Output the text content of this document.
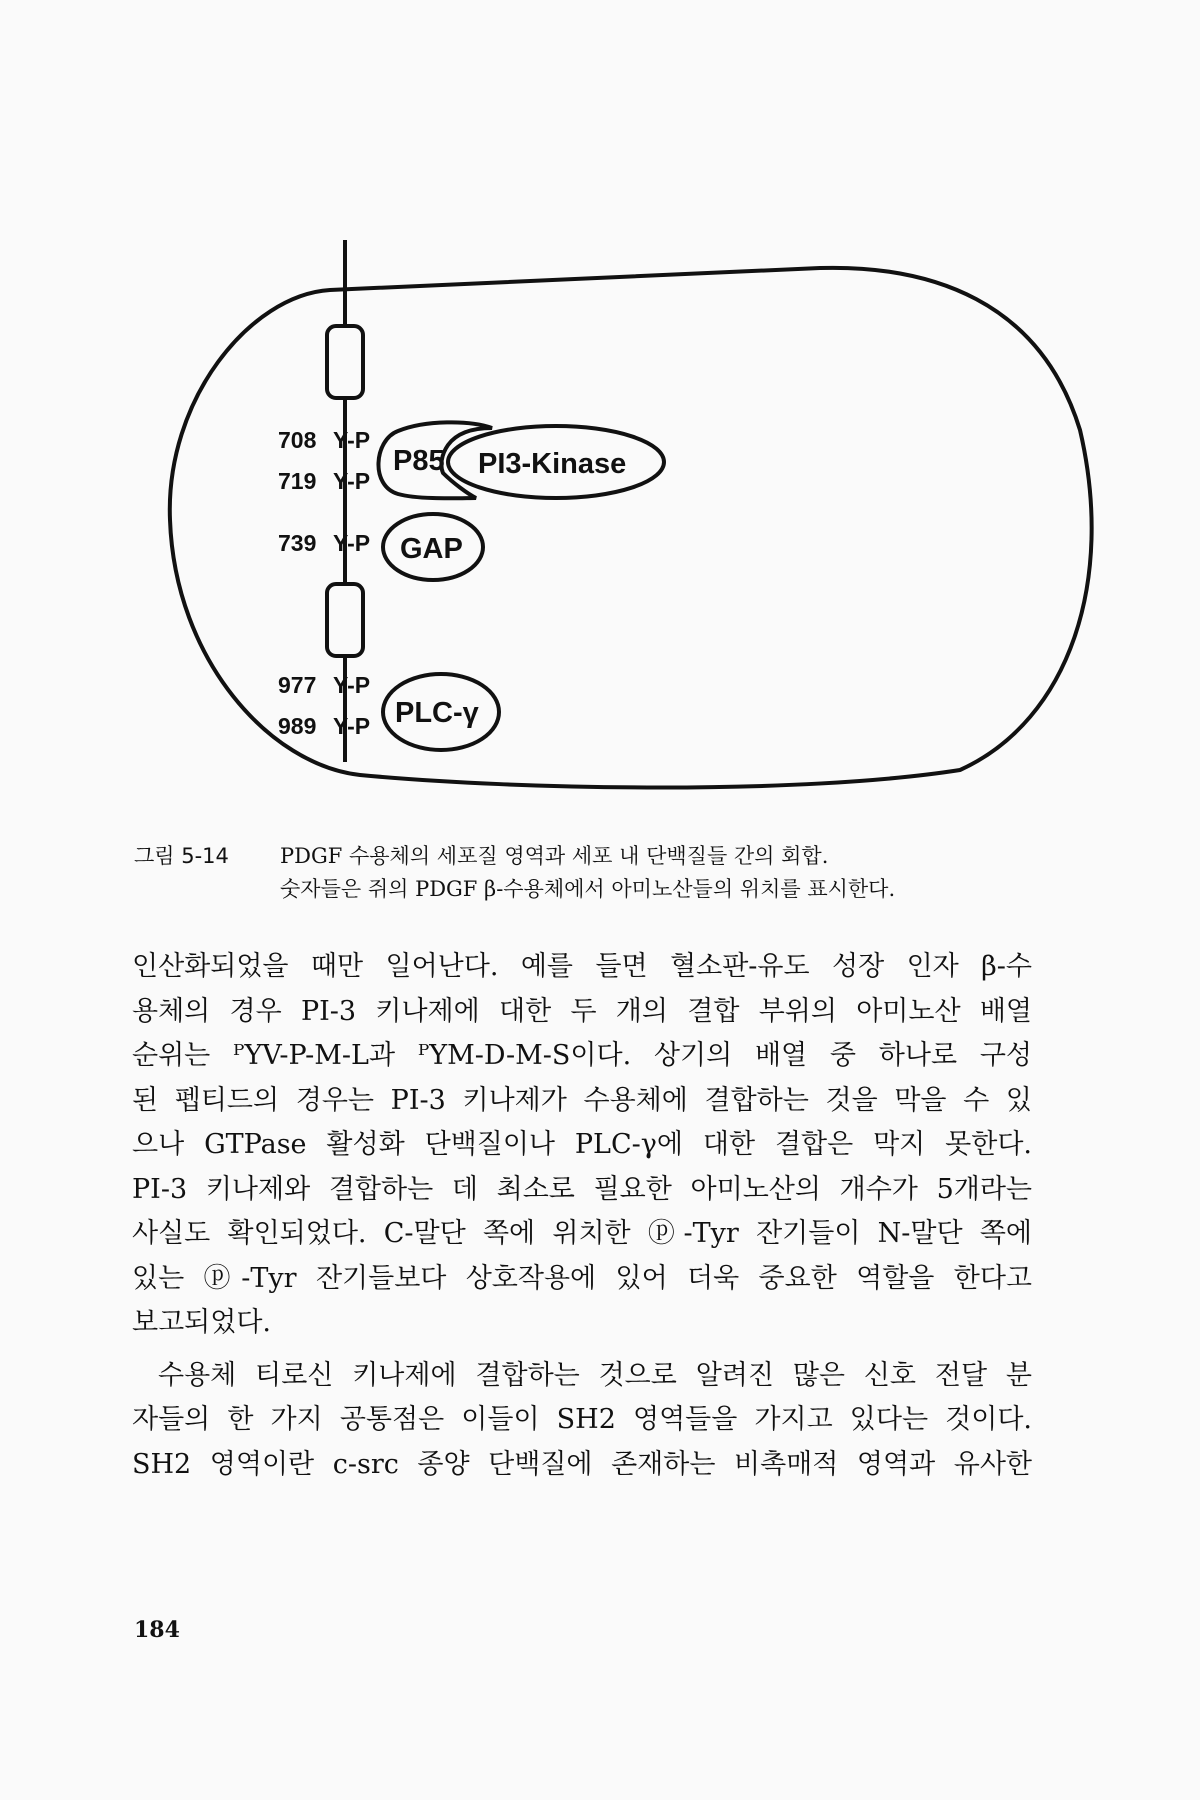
708 Y-P
719 Y-P
739 Y-P
977 Y-P
989 Y-P
P85 PI3-Kinase
GAP
PLC-γ
그림 5-14 PDGF 수용체의 세포질 영역과 세포 내 단백질들 간의 회합.
숫자들은 쥐의 PDGF β-수용체에서 아미노산들의 위치를 표시한다.

인산화되었을 때만 일어난다. 예를 들면 혈소판-유도 성장 인자 β-수

용체의 경우 PI-3 키나제에 대한 두 개의 결합 부위의 아미노산 배열

순위는 ᴾYV-P-M-L과 ᴾYM-D-M-S이다. 상기의 배열 중 하나로 구성

된 펩티드의 경우는 PI-3 키나제가 수용체에 결합하는 것을 막을 수 있

으나 GTPase 활성화 단백질이나 PLC-γ에 대한 결합은 막지 못한다.

PI-3 키나제와 결합하는 데 최소로 필요한 아미노산의 개수가 5개라는

사실도 확인되었다. C-말단 쪽에 위치한 ⓟ-Tyr 잔기들이 N-말단 쪽에

있는 ⓟ-Tyr 잔기들보다 상호작용에 있어 더욱 중요한 역할을 한다고

보고되었다.

수용체 티로신 키나제에 결합하는 것으로 알려진 많은 신호 전달 분

자들의 한 가지 공통점은 이들이 SH2 영역들을 가지고 있다는 것이다.

SH2 영역이란 c-src 종양 단백질에 존재하는 비촉매적 영역과 유사한

184
